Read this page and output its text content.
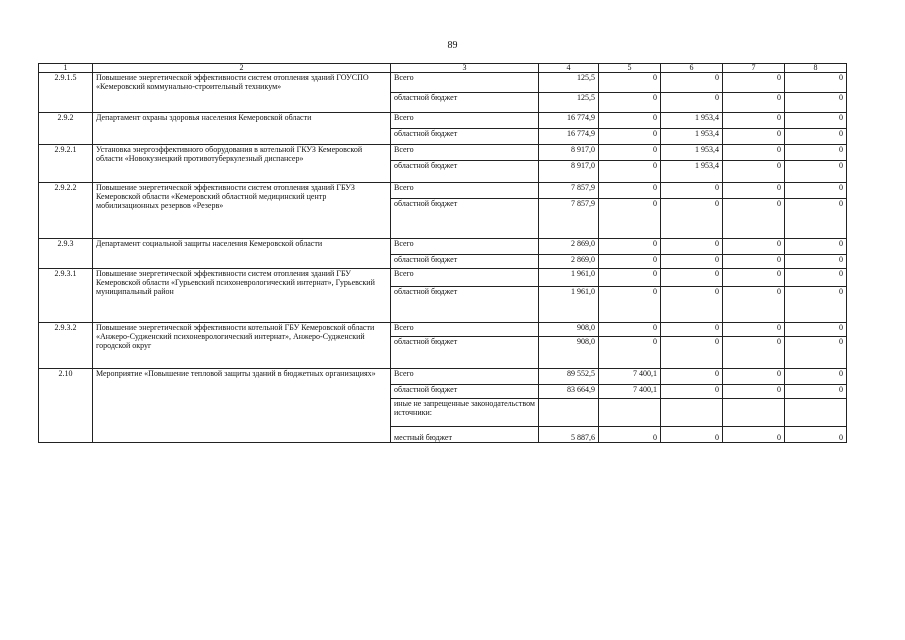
89
1	2	3	4	5	6	7	8
2.9.1.5	Повышение энергетической эффективности систем отопления зданий ГОУСПО «Кемеровский коммунально-строительный техникум»	Всего	125,5	0	0	0	0
		областной бюджет	125,5	0	0	0	0
2.9.2	Департамент охраны здоровья населения Кемеровской области	Всего	16 774,9	0	1 953,4	0	0
		областной бюджет	16 774,9	0	1 953,4	0	0
2.9.2.1	Установка энергоэффективного оборудования в котельной ГКУЗ Кемеровской области «Новокузнецкий противотуберкулезный диспансер»	Всего	8 917,0	0	1 953,4	0	0
		областной бюджет	8 917,0	0	1 953,4	0	0
2.9.2.2	Повышение энергетической эффективности систем отопления зданий ГБУЗ Кемеровской области «Кемеровский областной медицинский центр мобилизационных резервов «Резерв»	Всего	7 857,9	0	0	0	0
		областной бюджет	7 857,9	0	0	0	0
2.9.3	Департамент социальной защиты населения Кемеровской области	Всего	2 869,0	0	0	0	0
		областной бюджет	2 869,0	0	0	0	0
2.9.3.1	Повышение энергетической эффективности систем отопления зданий ГБУ Кемеровской области «Гурьевский психоневрологический интернат», Гурьевский муниципальный район	Всего	1 961,0	0	0	0	0
		областной бюджет	1 961,0	0	0	0	0
2.9.3.2	Повышение энергетической эффективности котельной ГБУ Кемеровской области «Анжеро-Судженский психоневрологический интернат», Анжеро-Судженский городской округ	Всего	908,0	0	0	0	0
		областной бюджет	908,0	0	0	0	0
2.10	Мероприятие «Повышение тепловой защиты зданий в бюджетных организациях»	Всего	89 552,5	7 400,1	0	0	0
		областной бюджет	83 664,9	7 400,1	0	0	0
		иные не запрещенные законодательством источники:					
		местный бюджет	5 887,6	0	0	0	0
